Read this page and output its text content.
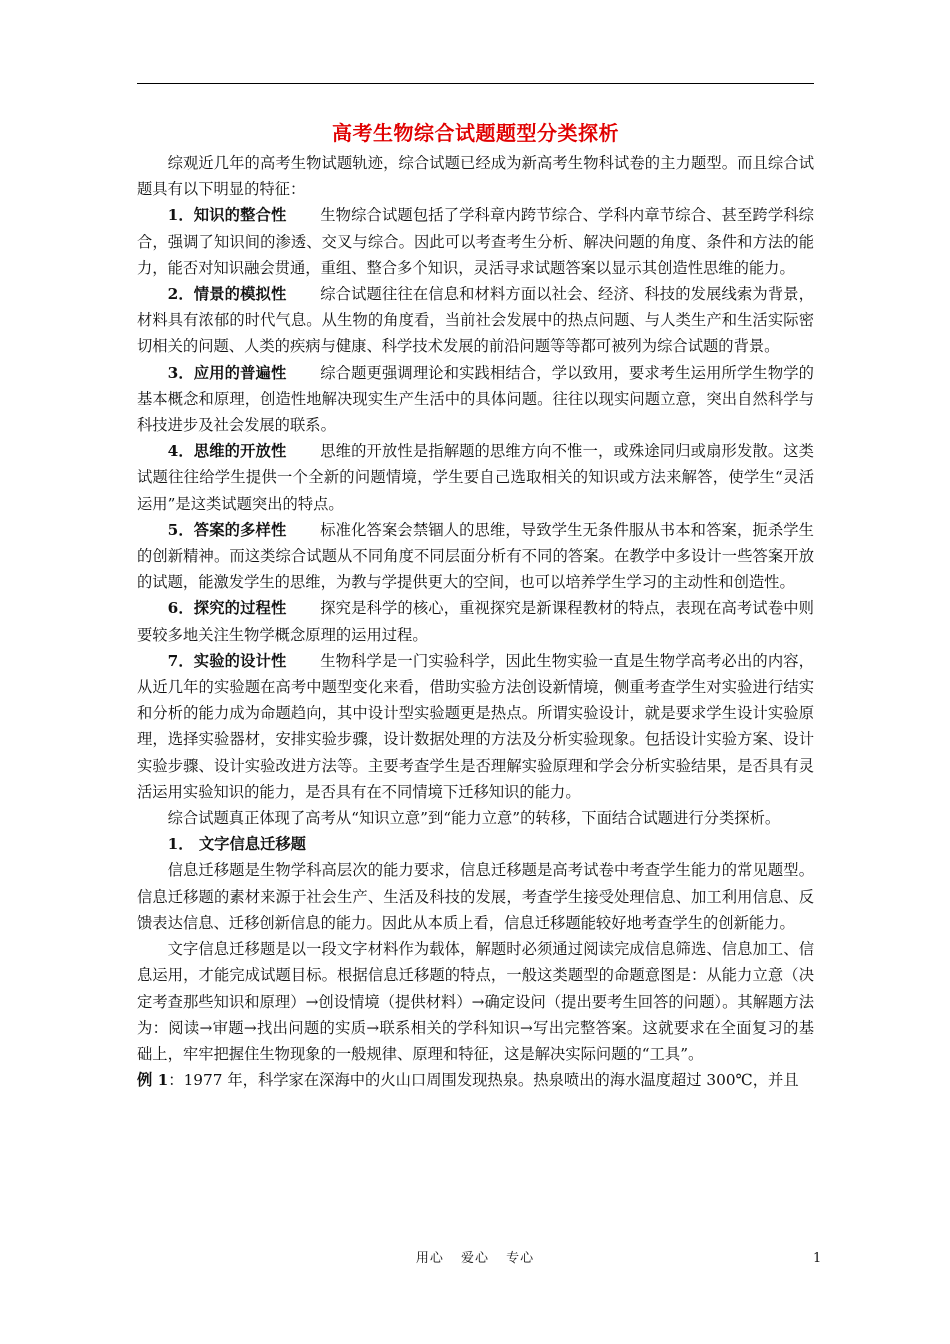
高考生物综合试题题型分类探析

综观近几年的高考生物试题轨迹，综合试题已经成为新高考生物科试卷的主力题型。而且综合试题具有以下明显的特征：

1．知识的整合性 生物综合试题包括了学科章内跨节综合、学科内章节综合、甚至跨学科综合，强调了知识间的渗透、交叉与综合。因此可以考查考生分析、解决问题的角度、条件和方法的能力，能否对知识融会贯通，重组、整合多个知识，灵活寻求试题答案以显示其创造性思维的能力。

2．情景的模拟性 综合试题往往在信息和材料方面以社会、经济、科技的发展线索为背景，材料具有浓郁的时代气息。从生物的角度看，当前社会发展中的热点问题、与人类生产和生活实际密切相关的问题、人类的疾病与健康、科学技术发展的前沿问题等等都可被列为综合试题的背景。

3．应用的普遍性 综合题更强调理论和实践相结合，学以致用，要求考生运用所学生物学的基本概念和原理，创造性地解决现实生产生活中的具体问题。往往以现实问题立意，突出自然科学与科技进步及社会发展的联系。

4．思维的开放性 思维的开放性是指解题的思维方向不惟一，或殊途同归或扇形发散。这类试题往往给学生提供一个全新的问题情境，学生要自己选取相关的知识或方法来解答，使学生“灵活运用”是这类试题突出的特点。

5．答案的多样性 标准化答案会禁锢人的思维，导致学生无条件服从书本和答案，扼杀学生的创新精神。而这类综合试题从不同角度不同层面分析有不同的答案。在教学中多设计一些答案开放的试题，能激发学生的思维，为教与学提供更大的空间，也可以培养学生学习的主动性和创造性。

6．探究的过程性 探究是科学的核心，重视探究是新课程教材的特点，表现在高考试卷中则要较多地关注生物学概念原理的运用过程。

7．实验的设计性 生物科学是一门实验科学，因此生物实验一直是生物学高考必出的内容，从近几年的实验题在高考中题型变化来看，借助实验方法创设新情境，侧重考查学生对实验进行结实和分析的能力成为命题趋向，其中设计型实验题更是热点。所谓实验设计，就是要求学生设计实验原理，选择实验器材，安排实验步骤，设计数据处理的方法及分析实验现象。包括设计实验方案、设计实验步骤、设计实验改进方法等。主要考查学生是否理解实验原理和学会分析实验结果，是否具有灵活运用实验知识的能力，是否具有在不同情境下迁移知识的能力。

综合试题真正体现了高考从“知识立意”到“能力立意”的转移，下面结合试题进行分类探析。

1． 文字信息迁移题

信息迁移题是生物学科高层次的能力要求，信息迁移题是高考试卷中考查学生能力的常见题型。信息迁移题的素材来源于社会生产、生活及科技的发展，考查学生接受处理信息、加工利用信息、反馈表达信息、迁移创新信息的能力。因此从本质上看，信息迁移题能较好地考查学生的创新能力。

文字信息迁移题是以一段文字材料作为载体，解题时必须通过阅读完成信息筛选、信息加工、信息运用，才能完成试题目标。根据信息迁移题的特点，一般这类题型的命题意图是：从能力立意（决定考查那些知识和原理）→创设情境（提供材料）→确定设问（提出要考生回答的问题）。其解题方法为：阅读→审题→找出问题的实质→联系相关的学科知识→写出完整答案。这就要求在全面复习的基础上，牢牢把握住生物现象的一般规律、原理和特征，这是解决实际问题的“工具”。

例 1：1977 年，科学家在深海中的火山口周围发现热泉。热泉喷出的海水温度超过 300℃，并且

用心 爱心 专心	1
